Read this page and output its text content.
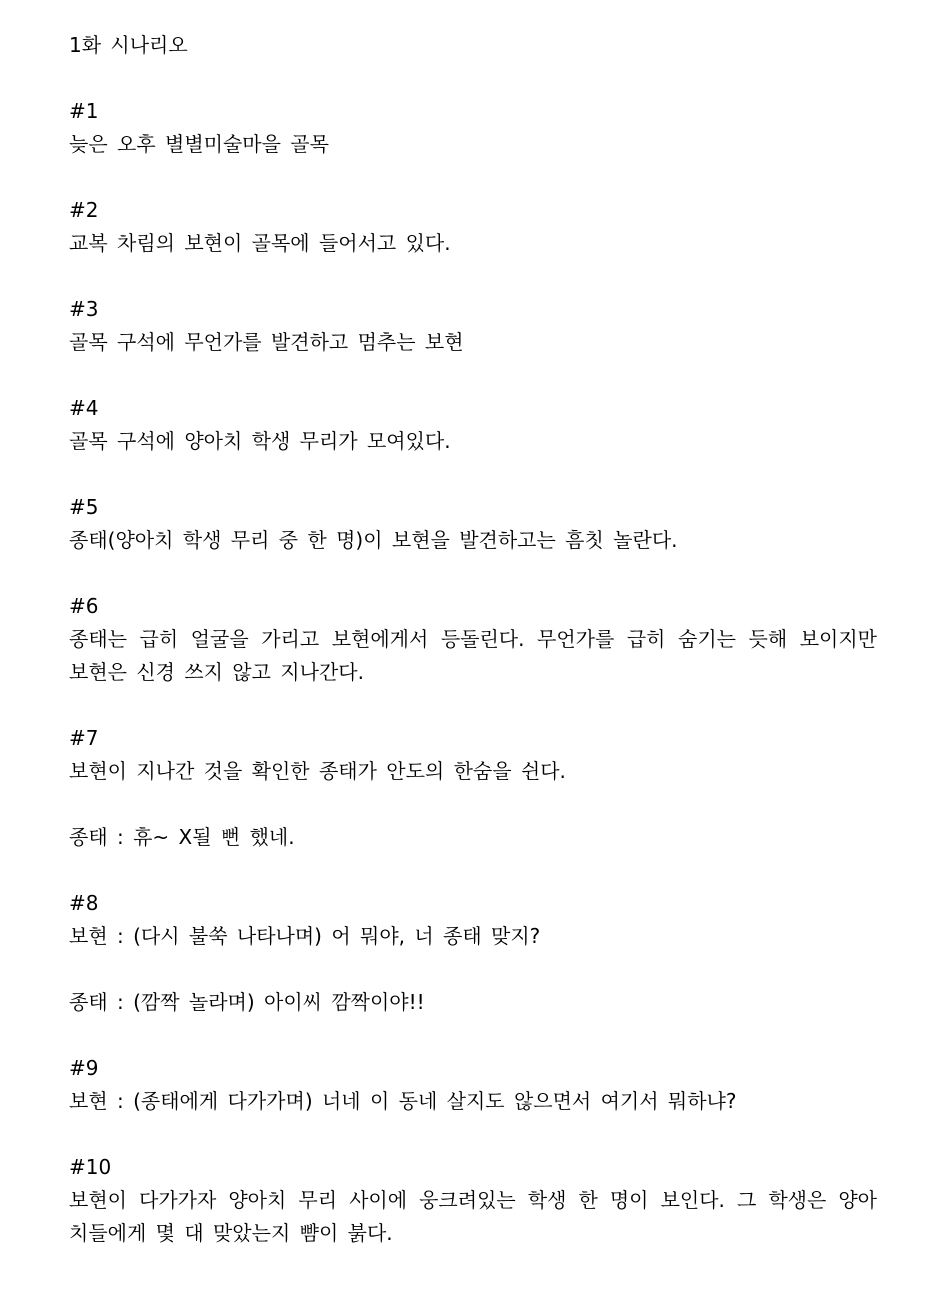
1화 시나리오
#1
늦은 오후 별별미술마을 골목
#2
교복 차림의 보현이 골목에 들어서고 있다.
#3
골목 구석에 무언가를 발견하고 멈추는 보현
#4
골목 구석에 양아치 학생 무리가 모여있다.
#5
종태(양아치 학생 무리 중 한 명)이 보현을 발견하고는 흠칫 놀란다.
#6
종태는 급히 얼굴을 가리고 보현에게서 등돌린다. 무언가를 급히 숨기는 듯해 보이지만
보현은 신경 쓰지 않고 지나간다.
#7
보현이 지나간 것을 확인한 종태가 안도의 한숨을 쉰다.
종태 : 휴~ X될 뻔 했네.
#8
보현 : (다시 불쑥 나타나며) 어 뭐야, 너 종태 맞지?
종태 : (깜짝 놀라며) 아이씨 깜짝이야!!
#9
보현 : (종태에게 다가가며) 너네 이 동네 살지도 않으면서 여기서 뭐하냐?
#10
보현이 다가가자 양아치 무리 사이에 웅크려있는 학생 한 명이 보인다. 그 학생은 양아
치들에게 몇 대 맞았는지 뺨이 붉다.
